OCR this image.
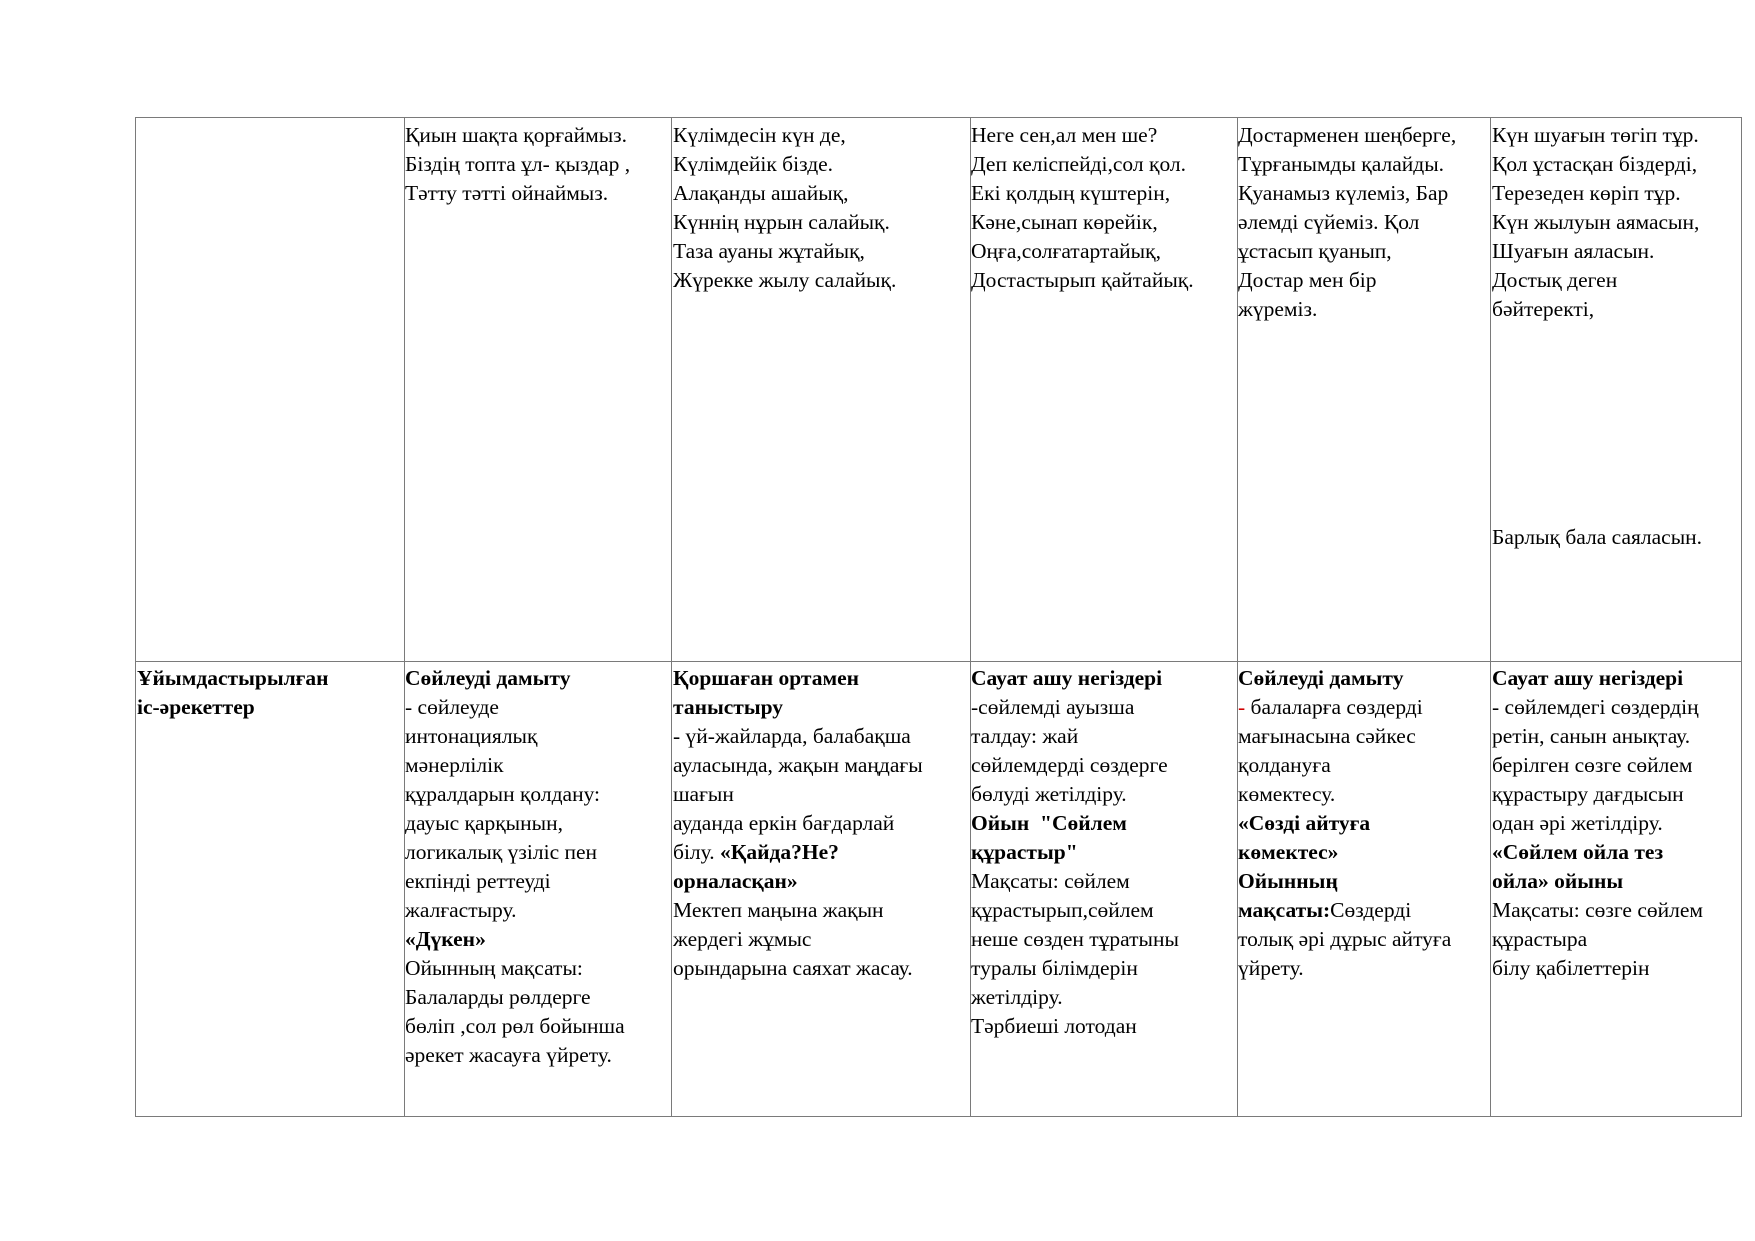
Қиын шақта қорғаймыз.
Біздің топта ұл- қыздар ,
Тәтту тәтті ойнаймыз.
Күлімдесін күн де,
Күлімдейік бізде.
Алақанды ашайық,
Күннің нұрын салайық.
Таза ауаны жұтайық,
Жүрекке жылу салайық.
Неге сен,ал мен ше?
Деп келіспейді,сол қол.
Екі қолдың күштерін,
Кәне,сынап көрейік,
Оңға,солғатартайық,
Достастырып қайтайық.
Достарменен шеңберге,
Тұрғанымды қалайды.
Қуанамыз күлеміз, Бар
әлемді сүйеміз. Қол
ұстасып қуанып,
Достар мен бір
жүреміз.
Күн шуағын төгіп тұр.
Қол ұстасқан біздерді,
Терезеден көріп тұр.
Күн жылуын аямасын,
Шуағын аяласын.
Достық деген
бәйтеректі,
Барлық бала саяласын.
Ұйымдастырылған
іс-әрекеттер
Сөйлеуді дамыту
- сөйлеуде
интонациялық
мәнерлілік
құралдарын қолдану:
дауыс қарқынын,
логикалық үзіліс пен
екпінді реттеуді
жалғастыру.
«Дүкен»
Ойынның мақсаты:
Балаларды рөлдерге
бөліп ,сол рөл бойынша
әрекет жасауға үйрету.
Қоршаған ортамен
таныстыру
- үй-жайларда, балабақша
ауласында, жақын маңдағы
шағын
ауданда еркін бағдарлай
білу. «Қайда?Не?
орналасқан»
Мектеп маңына жақын
жердегі жұмыс
орындарына саяхат жасау.
Сауат ашу негіздері
-сөйлемді ауызша
талдау: жай
сөйлемдерді сөздерге
бөлуді жетілдіру.
Ойын  "Сөйлем
құрастыр"
Мақсаты: сөйлем
құрастырып,сөйлем
неше сөзден тұратыны
туралы білімдерін
жетілдіру.
Тәрбиеші лотодан
Сөйлеуді дамыту
- балаларға сөздерді
мағынасына сәйкес
қолдануға
көмектесу.
«Сөзді айтуға
көмектес»
Ойынның
мақсаты:Сөздерді
толық әрі дұрыс айтуға
үйрету.
Сауат ашу негіздері
- сөйлемдегі сөздердің
ретін, санын анықтау.
берілген сөзге сөйлем
құрастыру дағдысын
одан әрі жетілдіру.
«Сөйлем ойла тез
ойла» ойыны
Мақсаты: сөзге сөйлем
құрастыра
білу қабілеттерін
